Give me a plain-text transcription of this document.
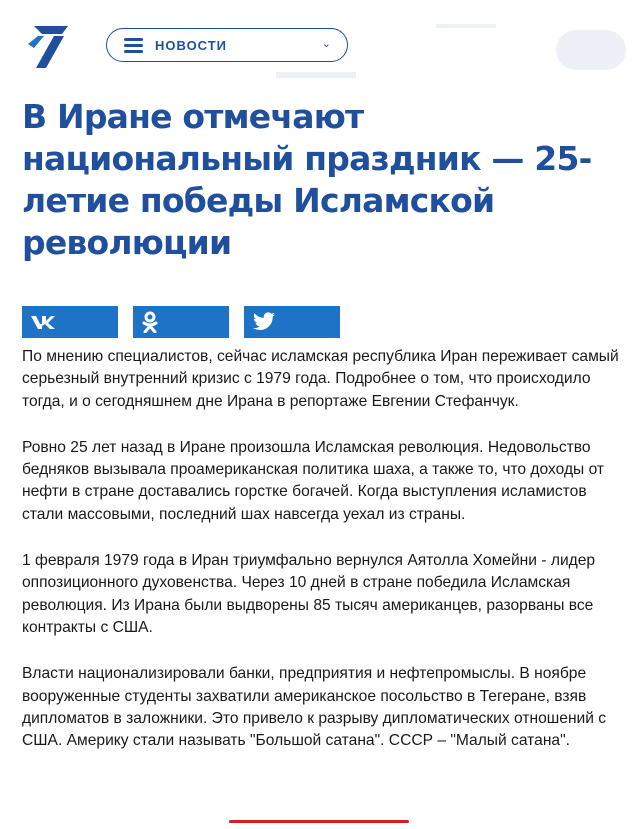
НОВОСТИ	⌄
В Иране отмечают национальный праздник — 25-летие победы Исламской революции

По мнению специалистов, сейчас исламская республика Иран переживает самый серьезный внутренний кризис с 1979 года. Подробнее о том, что происходило тогда, и о сегодняшнем дне Ирана в репортаже Евгении Стефанчук.

Ровно 25 лет назад в Иране произошла Исламская революция. Недовольство бедняков вызывала проамериканская политика шаха, а также то, что доходы от нефти в стране доставались горстке богачей. Когда выступления исламистов стали массовыми, последний шах навсегда уехал из страны.

1 февраля 1979 года в Иран триумфально вернулся Аятолла Хомейни - лидер оппозиционного духовенства. Через 10 дней в стране победила Исламская революция. Из Ирана были выдворены 85 тысяч американцев, разорваны все контракты с США.

Власти национализировали банки, предприятия и нефтепромыслы. В ноябре вооруженные студенты захватили американское посольство в Тегеране, взяв дипломатов в заложники. Это привело к разрыву дипломатических отношений с США. Америку стали называть "Большой сатана". СССР – "Малый сатана".
